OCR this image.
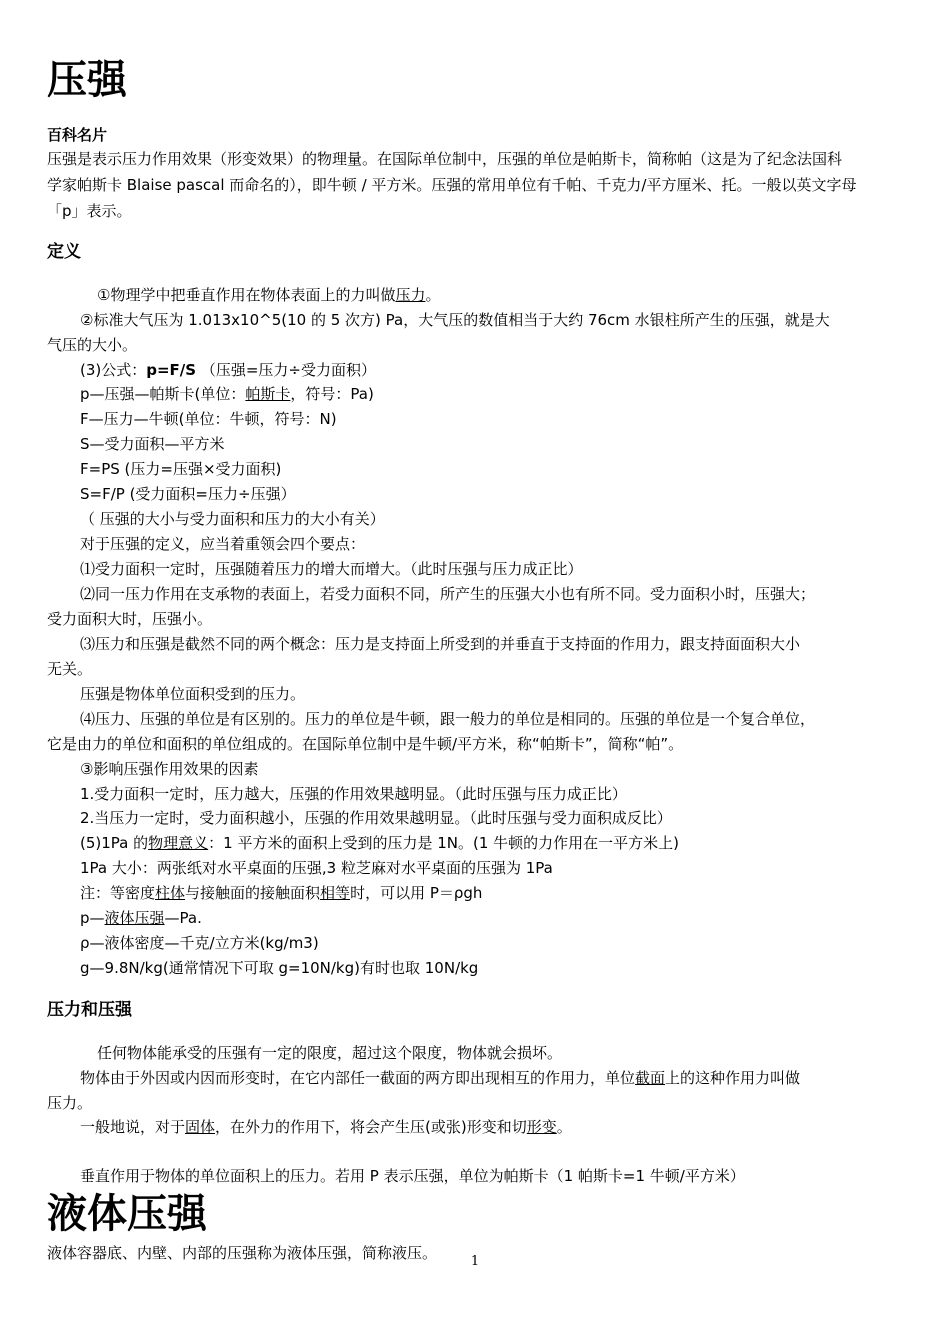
压强
百科名片
压强是表示压力作用效果（形变效果）的物理量。在国际单位制中，压强的单位是帕斯卡，简称帕（这是为了纪念法国科
学家帕斯卡 Blaise pascal 而命名的），即牛顿 / 平方米。压强的常用单位有千帕、千克力/平方厘米、托。一般以英文字母
「p」表示。
定义
①物理学中把垂直作用在物体表面上的力叫做压力。
②标准大气压为 1.013x10^5(10 的 5 次方) Pa，大气压的数值相当于大约 76cm 水银柱所产生的压强，就是大
气压的大小。
(3)公式：p=F/S （压强=压力÷受力面积）
p—压强—帕斯卡(单位：帕斯卡，符号：Pa)
F—压力—牛顿(单位：牛顿，符号：N)
S—受力面积—平方米
F=PS (压力=压强×受力面积)
S=F/P (受力面积=压力÷压强）
（ 压强的大小与受力面积和压力的大小有关）
对于压强的定义，应当着重领会四个要点：
⑴受力面积一定时，压强随着压力的增大而增大。（此时压强与压力成正比）
⑵同一压力作用在支承物的表面上，若受力面积不同，所产生的压强大小也有所不同。受力面积小时，压强大；
受力面积大时，压强小。
⑶压力和压强是截然不同的两个概念：压力是支持面上所受到的并垂直于支持面的作用力，跟支持面面积大小
无关。
压强是物体单位面积受到的压力。
⑷压力、压强的单位是有区别的。压力的单位是牛顿，跟一般力的单位是相同的。压强的单位是一个复合单位，
它是由力的单位和面积的单位组成的。在国际单位制中是牛顿/平方米，称“帕斯卡”，简称“帕”。
③影响压强作用效果的因素
1.受力面积一定时，压力越大，压强的作用效果越明显。（此时压强与压力成正比）
2.当压力一定时，受力面积越小，压强的作用效果越明显。（此时压强与受力面积成反比）
(5)1Pa 的物理意义：1 平方米的面积上受到的压力是 1N。(1 牛顿的力作用在一平方米上)
1Pa 大小：两张纸对水平桌面的压强,3 粒芝麻对水平桌面的压强为 1Pa
注：等密度柱体与接触面的接触面积相等时，可以用 P＝ρgh
p—液体压强—Pa.
ρ—液体密度—千克/立方米(kg/m3)
g—9.8N/kg(通常情况下可取 g=10N/kg)有时也取 10N/kg
压力和压强
任何物体能承受的压强有一定的限度，超过这个限度，物体就会损坏。
物体由于外因或内因而形变时，在它内部任一截面的两方即出现相互的作用力，单位截面上的这种作用力叫做
压力。
一般地说，对于固体，在外力的作用下，将会产生压(或张)形变和切形变。
垂直作用于物体的单位面积上的压力。若用 P 表示压强，单位为帕斯卡（1 帕斯卡=1 牛顿/平方米）
液体压强
液体容器底、内壁、内部的压强称为液体压强，简称液压。	1
